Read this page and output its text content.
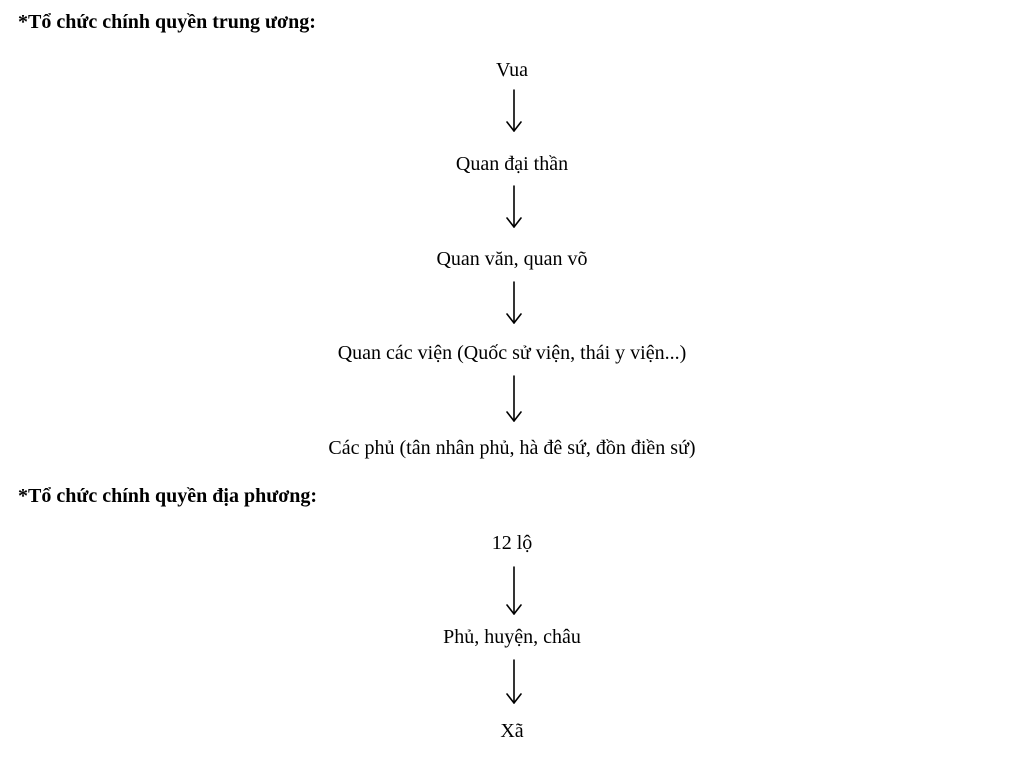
*Tổ chức chính quyền trung ương:
Vua
Quan đại thần
Quan văn, quan võ
Quan các viện (Quốc sử viện, thái y viện...)
Các phủ (tân nhân phủ, hà đê sứ, đồn điền sứ)
*Tổ chức chính quyền địa phương:
12 lộ
Phủ, huyện, châu
Xã
